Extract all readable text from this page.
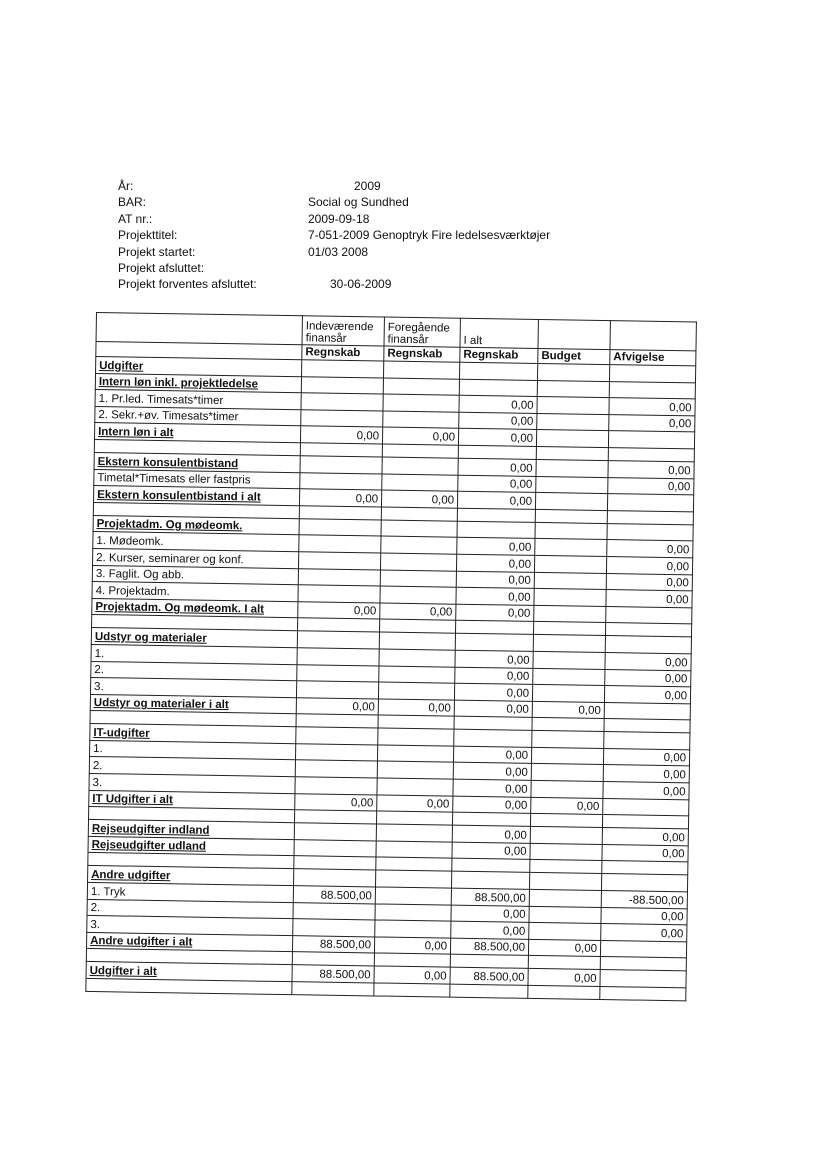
År:	2009
BAR:	Social og Sundhed
AT nr.:	2009-09-18
Projekttitel:	7-051-2009 Genoptryk Fire ledelsesværktøjer
Projekt startet:	01/03 2008
Projekt afsluttet:
Projekt forventes afsluttet:	30-06-2009
	Indeværende finansår	Foregående finansår	I alt		
	Regnskab	Regnskab	Regnskab	Budget	Afvigelse
Udgifter					
Intern løn inkl. projektledelse					
1. Pr.led. Timesats*timer			0,00		0,00
2. Sekr.+øv. Timesats*timer			0,00		0,00
Intern løn i alt	0,00	0,00	0,00		

Ekstern konsulentbistand			0,00		0,00
Timetal*Timesats eller fastpris			0,00		0,00
Ekstern konsulentbistand i alt	0,00	0,00	0,00		

Projektadm. Og mødeomk.					
1. Mødeomk.			0,00		0,00
2. Kurser, seminarer og konf.			0,00		0,00
3. Faglit. Og abb.			0,00		0,00
4. Projektadm.			0,00		0,00
Projektadm. Og mødeomk. I alt	0,00	0,00	0,00		

Udstyr og materialer					
1.			0,00		0,00
2.			0,00		0,00
3.			0,00		0,00
Udstyr og materialer i alt	0,00	0,00	0,00	0,00	

IT-udgifter					
1.			0,00		0,00
2.			0,00		0,00
3.			0,00		0,00
IT Udgifter i alt	0,00	0,00	0,00	0,00	

Rejseudgifter indland			0,00		0,00
Rejseudgifter udland			0,00		0,00

Andre udgifter					
1. Tryk	88.500,00		88.500,00		-88.500,00
2.			0,00		0,00
3.			0,00		0,00
Andre udgifter i alt	88.500,00	0,00	88.500,00	0,00	

Udgifter i alt	88.500,00	0,00	88.500,00	0,00	
